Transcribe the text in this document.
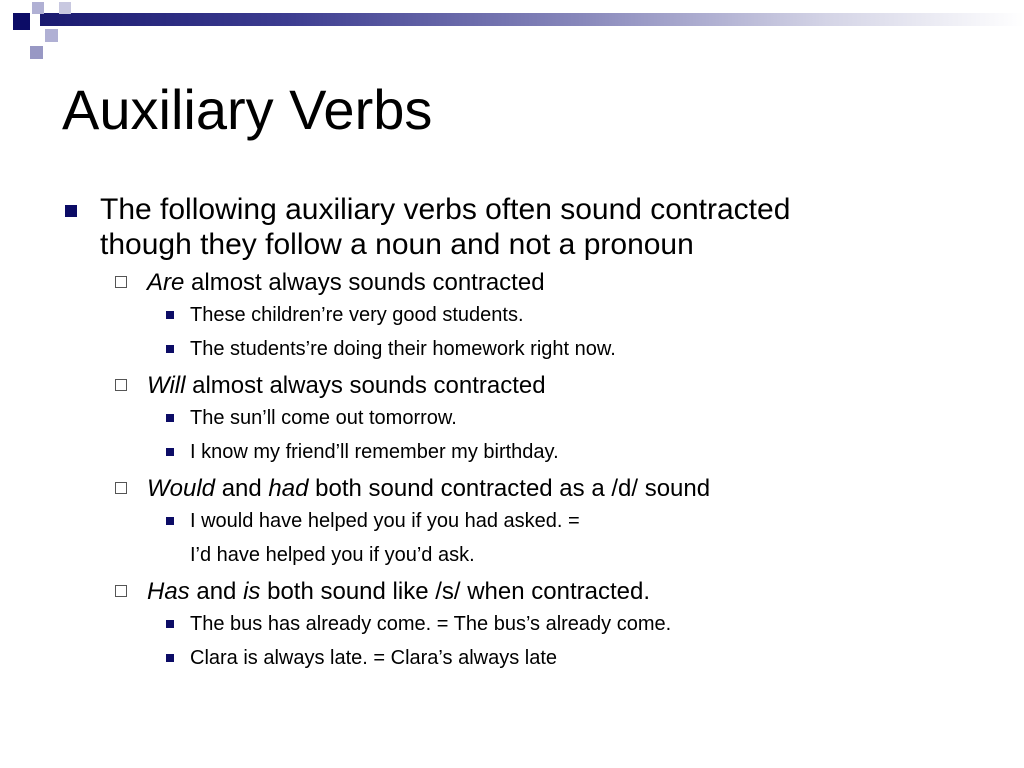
Auxiliary Verbs
The following auxiliary verbs often sound contracted
though they follow a noun and not a pronoun
Are almost always sounds contracted
These children’re very good students.
The students’re doing their homework right now.
Will almost always sounds contracted
The sun’ll come out tomorrow.
I know my friend’ll remember my birthday.
Would and had both sound contracted as a /d/ sound
I would have helped you if you had asked. =
I’d have helped you if you’d ask.
Has and is both sound like /s/ when contracted.
The bus has already come. = The bus’s already come.
Clara is always late. = Clara’s always late
